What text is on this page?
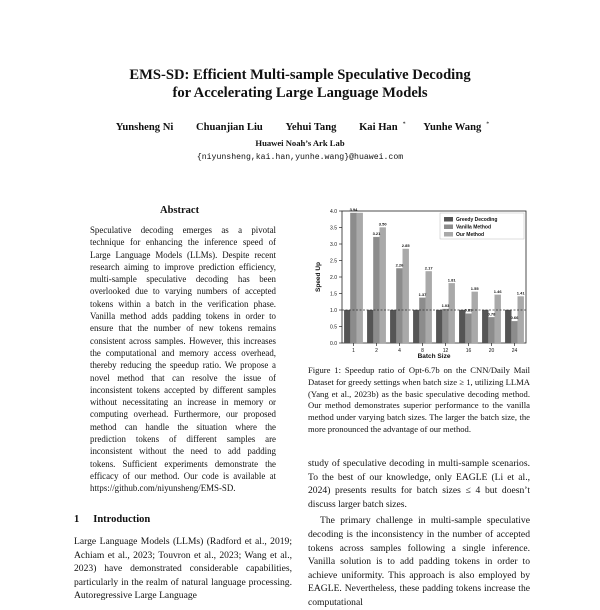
EMS-SD: Efficient Multi-sample Speculative Decoding
for Accelerating Large Language Models
Yunsheng Ni Chuanjian Liu Yehui Tang Kai Han * Yunhe Wang *
Huawei Noah’s Ark Lab
{niyunsheng,kai.han,yunhe.wang}@huawei.com
Abstract

Speculative decoding emerges as a pivotal technique for enhancing the inference speed of Large Language Models (LLMs). Despite recent research aiming to improve prediction efficiency, multi-sample speculative decoding has been overlooked due to varying numbers of accepted tokens within a batch in the verification phase. Vanilla method adds padding tokens in order to ensure that the number of new tokens remains consistent across samples. However, this increases the computational and memory access overhead, thereby reducing the speedup ratio. We propose a novel method that can resolve the issue of inconsistent tokens accepted by different samples without necessitating an increase in memory or computing overhead. Furthermore, our proposed method can handle the situation where the prediction tokens of different samples are inconsistent without the need to add padding tokens. Sufficient experiments demonstrate the efficacy of our method. Our code is available at https://github.com/niyunsheng/EMS-SD.

1 Introduction

Large Language Models (LLMs) (Radford et al., 2019; Achiam et al., 2023; Touvron et al., 2023; Wang et al., 2023) have demonstrated considerable capabilities, particularly in the realm of natural language processing. Autoregressive Large Language

0.0
0.5
1.0
1.5
2.0
2.5
3.0
3.5
4.0
Speed Up
Batch Size
1	2	4	8	12	16	20	24
3.94
3.21
3.50
2.26
2.85
1.37
2.17
1.03
1.81
0.89
1.55
0.78
1.46
0.66
1.41
Greedy Decoding
Vanilla Method
Our Method
Figure 1: Speedup ratio of Opt-6.7b on the CNN/Daily Mail Dataset for greedy settings when batch size ≥ 1, utilizing LLMA (Yang et al., 2023b) as the basic speculative decoding method. Our method demonstrates superior performance to the vanilla method under varying batch sizes. The larger the batch size, the more pronounced the advantage of our method.

study of speculative decoding in multi-sample scenarios. To the best of our knowledge, only EAGLE (Li et al., 2024) presents results for batch sizes ≤ 4 but doesn’t discuss larger batch sizes.

The primary challenge in multi-sample speculative decoding is the inconsistency in the number of accepted tokens across samples following a single inference. Vanilla solution is to add padding tokens in order to achieve uniformity. This approach is also employed by EAGLE. Nevertheless, these padding tokens increase the computational
